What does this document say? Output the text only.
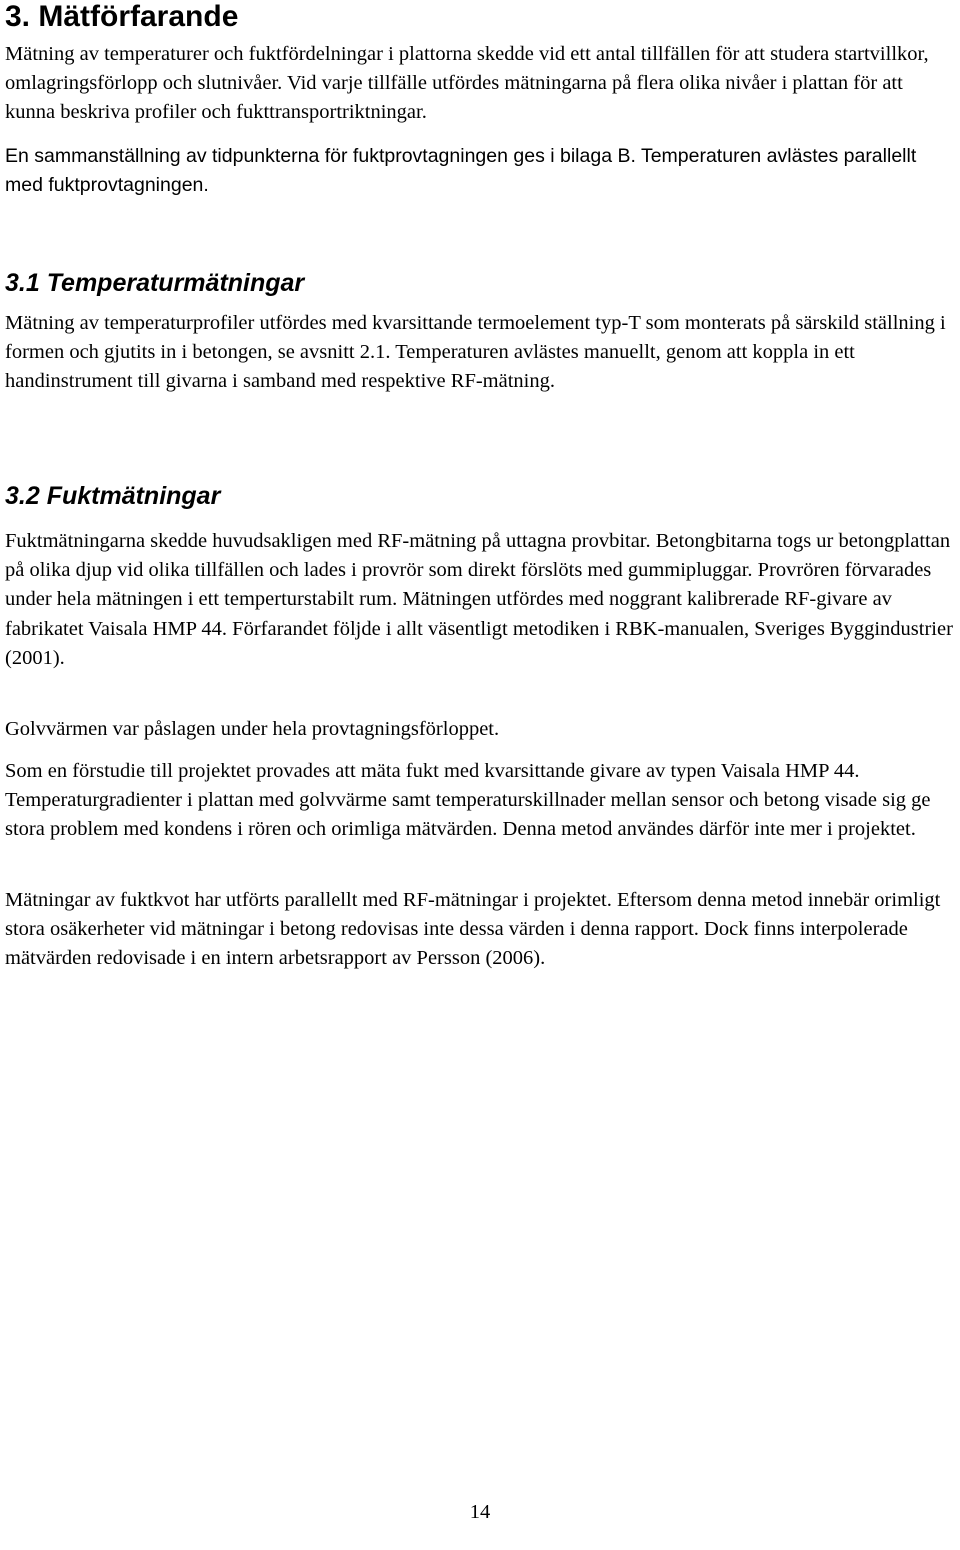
3. Mätförfarande

Mätning av temperaturer och fuktfördelningar i plattorna skedde vid ett antal tillfällen för att studera startvillkor, omlagringsförlopp och slutnivåer. Vid varje tillfälle utfördes mätningarna på flera olika nivåer i plattan för att kunna beskriva profiler och fukttransportriktningar.

En sammanställning av tidpunkterna för fuktprovtagningen ges i bilaga B. Temperaturen avlästes parallellt med fuktprovtagningen.

3.1 Temperaturmätningar

Mätning av temperaturprofiler utfördes med kvarsittande termoelement typ-T som monterats på särskild ställning i formen och gjutits in i betongen, se avsnitt 2.1. Temperaturen avlästes manuellt, genom att koppla in ett handinstrument till givarna i samband med respektive RF-mätning.

3.2 Fuktmätningar

Fuktmätningarna skedde huvudsakligen med RF-mätning på uttagna provbitar. Betongbitarna togs ur betongplattan på olika djup vid olika tillfällen och lades i provrör som direkt förslöts med gummipluggar. Provrören förvarades under hela mätningen i ett temperturstabilt rum. Mätningen utfördes med noggrant kalibrerade RF-givare av fabrikatet Vaisala HMP 44. Förfarandet följde i allt väsentligt metodiken i RBK-manualen, Sveriges Byggindustrier (2001).

Golvvärmen var påslagen under hela provtagningsförloppet.

Som en förstudie till projektet provades att mäta fukt med kvarsittande givare av typen Vaisala HMP 44. Temperaturgradienter i plattan med golvvärme samt temperaturskillnader mellan sensor och betong visade sig ge stora problem med kondens i rören och orimliga mätvärden. Denna metod användes därför inte mer i projektet.

Mätningar av fuktkvot har utförts parallellt med RF-mätningar i projektet. Eftersom denna metod innebär orimligt stora osäkerheter vid mätningar i betong redovisas inte dessa värden i denna rapport. Dock finns interpolerade mätvärden redovisade i en intern arbetsrapport av Persson (2006).

14
